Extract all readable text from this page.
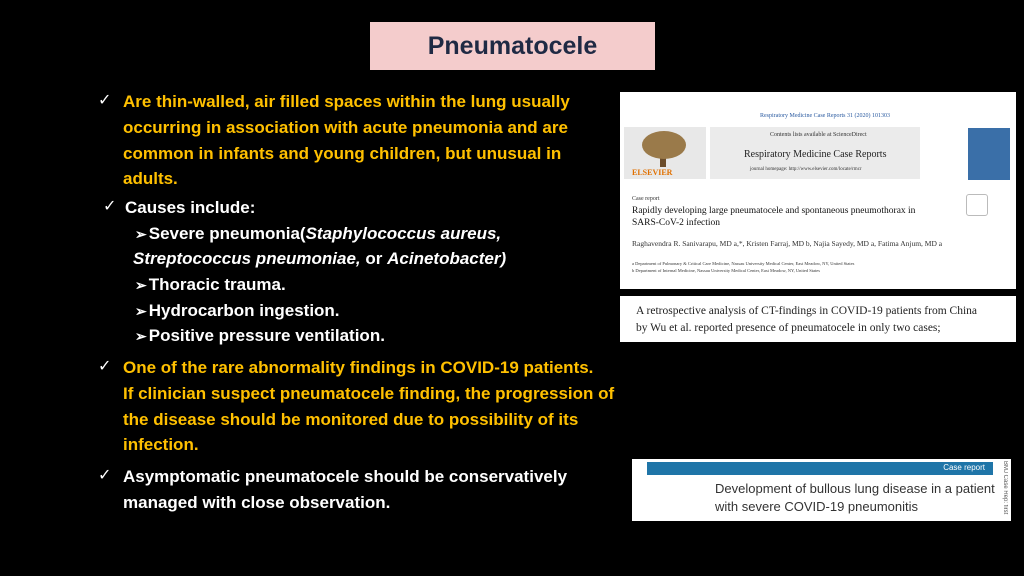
Pneumatocele
✓ Are thin-walled, air filled spaces within the lung usually
occurring in association with acute pneumonia and are
common in infants and young children, but unusual in
adults.
✓ Causes include:
➢ Severe pneumonia(Staphylococcus aureus,
Streptococcus pneumoniae, or Acinetobacter)
➢ Thoracic trauma.
➢ Hydrocarbon ingestion.
➢ Positive pressure ventilation.
✓ One of the rare abnormality findings in COVID-19 patients.
If clinician suspect pneumatocele finding, the progression of
the disease should be monitored due to possibility of its
infection.
✓ Asymptomatic pneumatocele should be conservatively
managed with close observation.
Respiratory Medicine Case Reports 31 (2020) 101303
ELSEVIER
Contents lists available at ScienceDirect
Respiratory Medicine Case Reports
journal homepage: http://www.elsevier.com/locate/rmcr
Case report
Rapidly developing large pneumatocele and spontaneous pneumothorax in
SARS-CoV-2 infection
Raghavendra R. Sanivarapu, MD a,*, Kristen Farraj, MD b, Najia Sayedy, MD a, Fatima Anjum, MD a
a Department of Pulmonary & Critical Care Medicine, Nassau University Medical Center, East Meadow, NY, United States
b Department of Internal Medicine, Nassau University Medical Center, East Meadow, NY, United States
A retrospective analysis of CT-findings in COVID-19 patients from China
by Wu et al. reported presence of pneumatocele in only two cases;
Case report
Development of bullous lung disease in a patient
with severe COVID-19 pneumonitis	BMJ Case Rep: first
